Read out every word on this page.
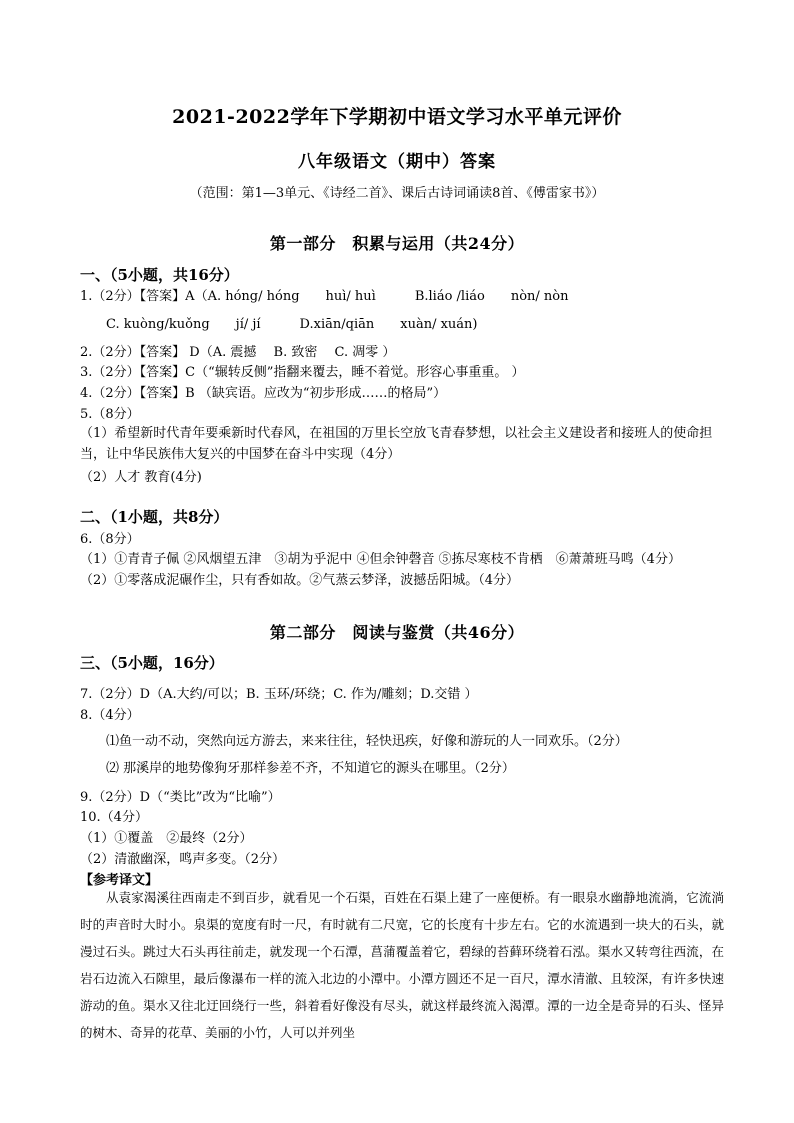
2021-2022学年下学期初中语文学习水平单元评价
八年级语文（期中）答案
（范围：第1—3单元、《诗经二首》、课后古诗词诵读8首、《傅雷家书》）
第一部分　积累与运用（共24分）
一、（5小题，共16分）
1.（2分）【答案】A（A. hóng/ hóng　　huì/ huì　　　B.liáo /liáo　　nòn/ nòn
C. kuòng/kuǒng　　jí/ jí　　　D.xiān/qiān　　xuàn/ xuán)
2.（2分）【答案】 D（A. 震撼　 B. 致密　 C. 凋零 ）
3.（2分）【答案】C（“辗转反侧”指翻来覆去，睡不着觉。形容心事重重。 ）
4.（2分）【答案】B （缺宾语。应改为“初步形成……的格局”）
5.（8分）
（1）希望新时代青年要乘新时代春风，在祖国的万里长空放飞青春梦想，以社会主义建设者和接班人的使命担当，让中华民族伟大复兴的中国梦在奋斗中实现（4分）
（2）人才 教育(4分)
二、（1小题，共8分）
6.（8分）
（1）①青青子佩 ②风烟望五津　③胡为乎泥中 ④但余钟磬音 ⑤拣尽寒枝不肯栖　⑥萧萧班马鸣（4分）
（2）①零落成泥碾作尘，只有香如故。②气蒸云梦泽，波撼岳阳城。（4分）
第二部分　阅读与鉴赏（共46分）
三、（5小题，16分）
7.（2分）D（A.大约/可以；B. 玉环/环绕；C. 作为/雕刻；D.交错 ）
8.（4分）
⑴鱼一动不动，突然向远方游去，来来往往，轻快迅疾，好像和游玩的人一同欢乐。（2分）
⑵ 那溪岸的地势像狗牙那样参差不齐，不知道它的源头在哪里。（2分）
9.（2分）D（“类比”改为“比喻”）
10.（4分）
（1）①覆盖　②最终（2分）
（2）清澈幽深，鸣声多变。（2分）
【参考译文】
从袁家渴溪往西南走不到百步，就看见一个石渠，百姓在石渠上建了一座便桥。有一眼泉水幽静地流淌，它流淌时的声音时大时小。泉渠的宽度有时一尺，有时就有二尺宽，它的长度有十步左右。它的水流遇到一块大的石头，就漫过石头。跳过大石头再往前走，就发现一个石潭，菖蒲覆盖着它，碧绿的苔藓环绕着石泓。渠水又转弯往西流，在岩石边流入石隙里，最后像瀑布一样的流入北边的小潭中。小潭方圆还不足一百尺，潭水清澈、且较深，有许多快速游动的鱼。渠水又往北迂回绕行一些，斜着看好像没有尽头，就这样最终流入渴潭。潭的一边全是奇异的石头、怪异的树木、奇异的花草、美丽的小竹，人可以并列坐
